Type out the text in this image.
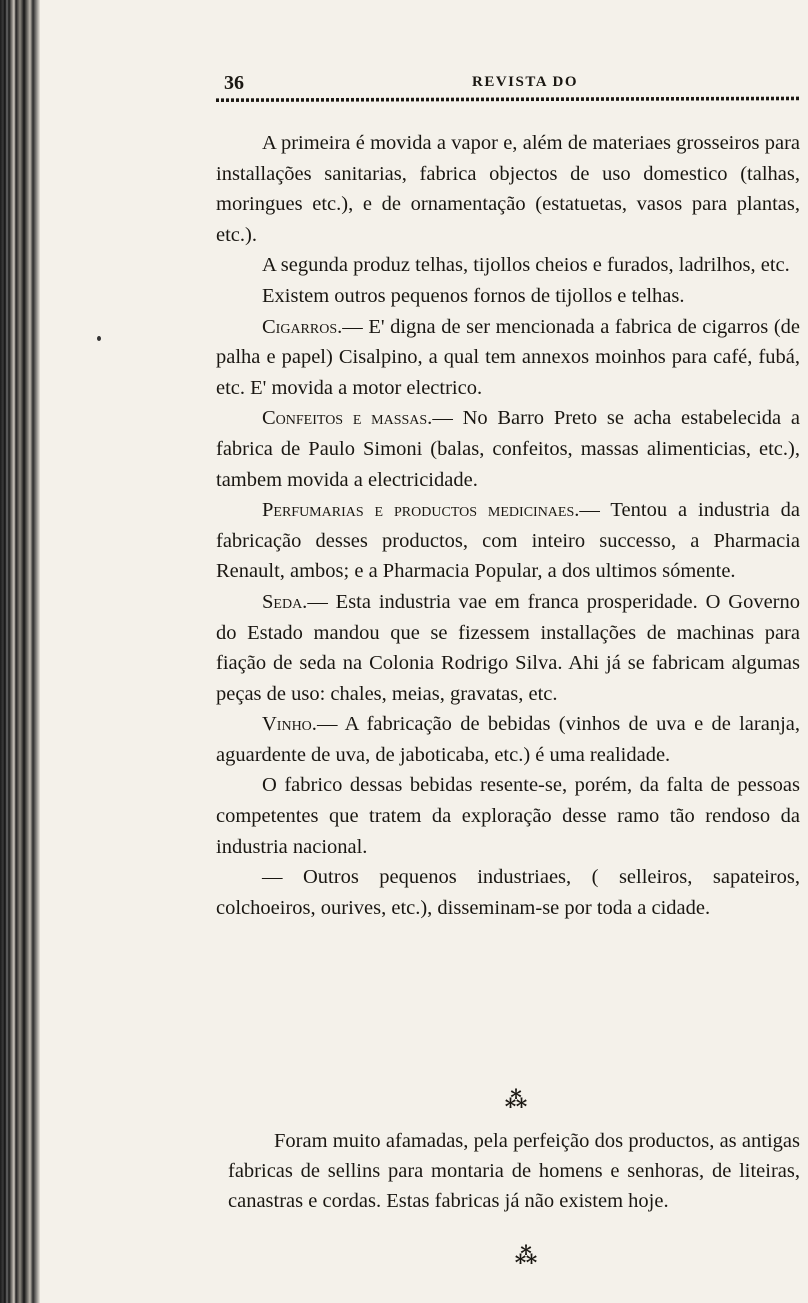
36	REVISTA DO

A primeira é movida a vapor e, além de materiaes grosseiros para installações sanitarias, fabrica objectos de uso domestico (talhas, moringues etc.), e de ornamentação (estatuetas, vasos para plantas, etc.).

A segunda produz telhas, tijollos cheios e furados, ladrilhos, etc.

Existem outros pequenos fornos de tijollos e telhas.

Cigarros.— E' digna de ser mencionada a fabrica de cigarros (de palha e papel) Cisalpino, a qual tem annexos moinhos para café, fubá, etc. E' movida a motor electrico.

Confeitos e massas.— No Barro Preto se acha estabelecida a fabrica de Paulo Simoni (balas, confeitos, massas alimenticias, etc.), tambem movida a electricidade.

Perfumarias e productos medicinaes.— Tentou a industria da fabricação desses productos, com inteiro successo, a Pharmacia Renault, ambos; e a Pharmacia Popular, a dos ultimos sómente.

Seda.— Esta industria vae em franca prosperidade. O Governo do Estado mandou que se fizessem installações de machinas para fiação de seda na Colonia Rodrigo Silva. Ahi já se fabricam algumas peças de uso: chales, meias, gravatas, etc.

Vinho.— A fabricação de bebidas (vinhos de uva e de laranja, aguardente de uva, de jaboticaba, etc.) é uma realidade.

O fabrico dessas bebidas resente-se, porém, da falta de pessoas competentes que tratem da exploração desse ramo tão rendoso da industria nacional.

— Outros pequenos industriaes, ( selleiros, sapateiros, colchoeiros, ourives, etc.), disseminam-se por toda a cidade.

⁂

Foram muito afamadas, pela perfeição dos productos, as antigas fabricas de sellins para montaria de homens e senhoras, de liteiras, canastras e cordas. Estas fabricas já não existem hoje.

⁂
